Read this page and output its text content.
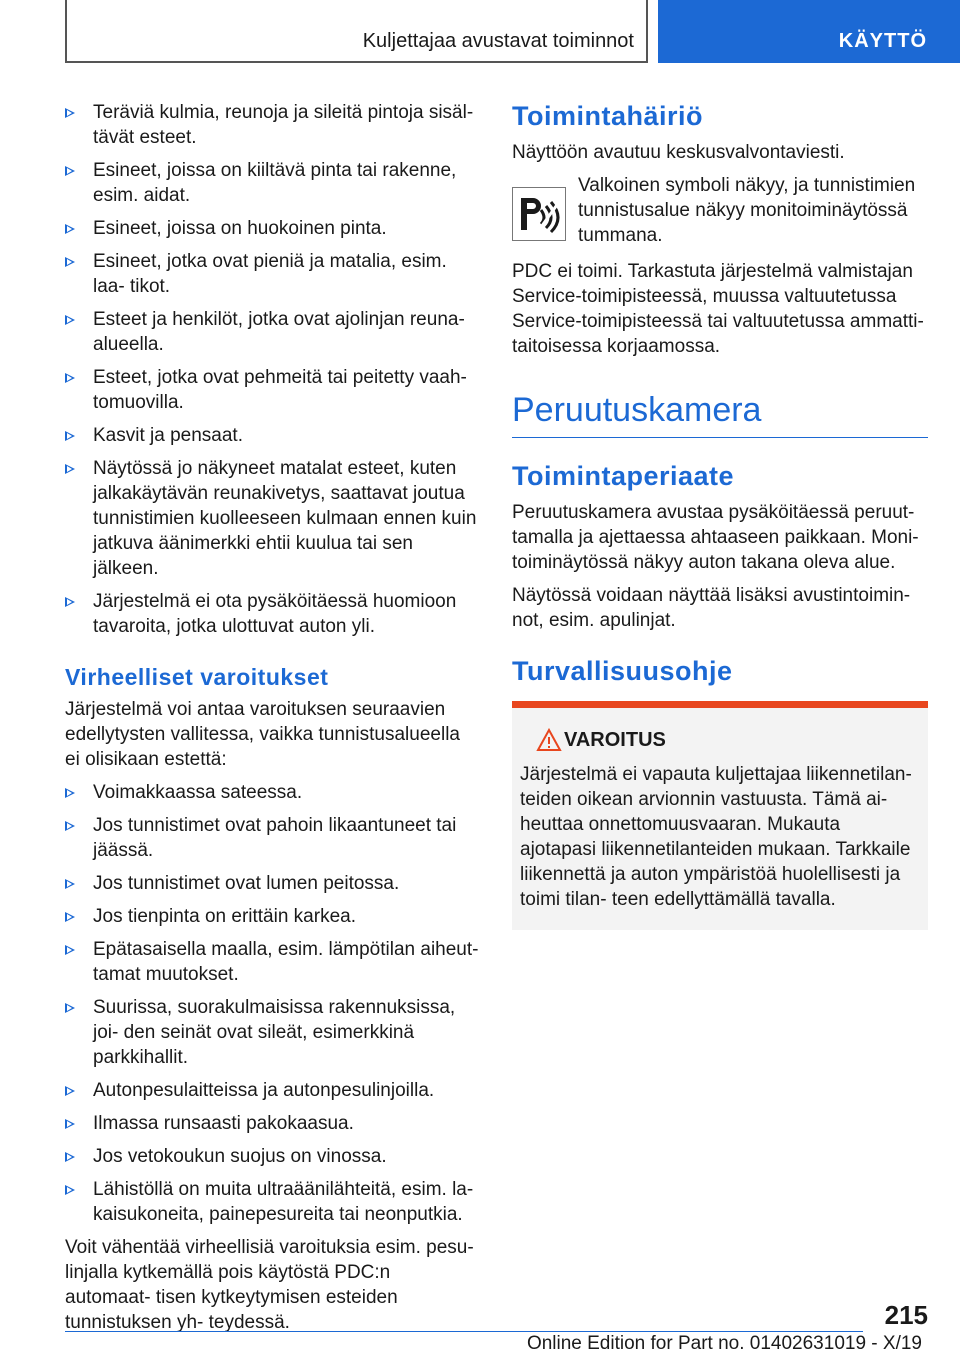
Kuljettajaa avustavat toiminnot	KÄYTTÖ
Teräviä kulmia, reunoja ja sileitä pintoja sisäl- tävät esteet.
Esineet, joissa on kiiltävä pinta tai rakenne, esim. aidat.
Esineet, joissa on huokoinen pinta.
Esineet, jotka ovat pieniä ja matalia, esim. laa- tikot.
Esteet ja henkilöt, jotka ovat ajolinjan reuna- alueella.
Esteet, jotka ovat pehmeitä tai peitetty vaah- tomuovilla.
Kasvit ja pensaat.
Näytössä jo näkyneet matalat esteet, kuten jalkakäytävän reunakivetys, saattavat joutua tunnistimien kuolleeseen kulmaan ennen kuin jatkuva äänimerkki ehtii kuulua tai sen jälkeen.
Järjestelmä ei ota pysäköitäessä huomioon tavaroita, jotka ulottuvat auton yli.
Virheelliset varoitukset

Järjestelmä voi antaa varoituksen seuraavien edellytysten vallitessa, vaikka tunnistusalueella ei olisikaan estettä:

Voimakkaassa sateessa.
Jos tunnistimet ovat pahoin likaantuneet tai jäässä.
Jos tunnistimet ovat lumen peitossa.
Jos tienpinta on erittäin karkea.
Epätasaisella maalla, esim. lämpötilan aiheut- tamat muutokset.
Suurissa, suorakulmaisissa rakennuksissa, joi- den seinät ovat sileät, esimerkkinä parkkihallit.
Autonpesulaitteissa ja autonpesulinjoilla.
Ilmassa runsaasti pakokaasua.
Jos vetokoukun suojus on vinossa.
Lähistöllä on muita ultraäänilähteitä, esim. la- kaisukoneita, painepesureita tai neonputkia.

Voit vähentää virheellisiä varoituksia esim. pesu- linjalla kytkemällä pois käytöstä PDC:n automaat- tisen kytkeytymisen esteiden tunnistuksen yh- teydessä.

Toimintahäiriö

Näyttöön avautuu keskusvalvontaviesti.

Valkoinen symboli näkyy, ja tunnistimien tunnistusalue näkyy monitoiminäytössä tummana.

PDC ei toimi. Tarkastuta järjestelmä valmistajan Service-toimipisteessä, muussa valtuutetussa Service-toimipisteessä tai valtuutetussa ammatti- taitoisessa korjaamossa.

Peruutuskamera
Toimintaperiaate

Peruutuskamera avustaa pysäköitäessä peruut- tamalla ja ajettaessa ahtaaseen paikkaan. Moni- toiminäytössä näkyy auton takana oleva alue.

Näytössä voidaan näyttää lisäksi avustintoimin- not, esim. apulinjat.

Turvallisuusohje
VAROITUS

Järjestelmä ei vapauta kuljettajaa liikennetilan- teiden oikean arvionnin vastuusta. Tämä ai- heuttaa onnettomuusvaaran. Mukauta ajotapasi liikennetilanteiden mukaan. Tarkkaile liikennettä ja auton ympäristöä huolellisesti ja toimi tilan- teen edellyttämällä tavalla.

215
Online Edition for Part no. 01402631019 - X/19
